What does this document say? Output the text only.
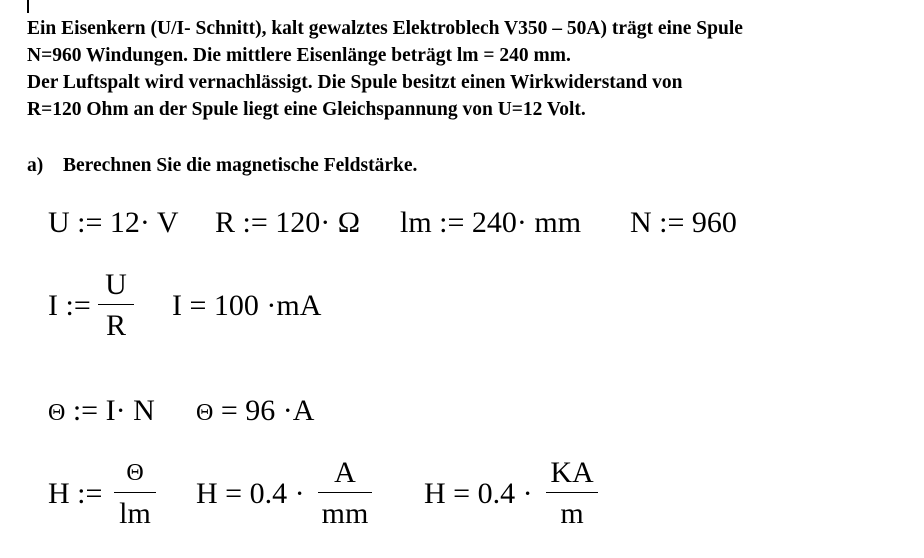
Ein Eisenkern (U/I- Schnitt), kalt gewalztes Elektroblech V350 – 50A) trägt eine Spule
N=960 Windungen. Die mittlere Eisenlänge beträgt lm = 240 mm.
Der Luftspalt wird vernachlässigt. Die Spule besitzt einen Wirkwiderstand von
R=120 Ohm an der Spule liegt eine Gleichspannung von U=12 Volt.
a) Berechnen Sie die magnetische Feldstärke.
U := 12· V R := 120· Ω lm := 240· mm N := 960
I :=
U
R
I = 100 ·mA
Θ := I· N Θ = 96 ·A
H :=
Θ
lm
H = 0.4 ·
A
mm
H = 0.4 ·
KA
m
